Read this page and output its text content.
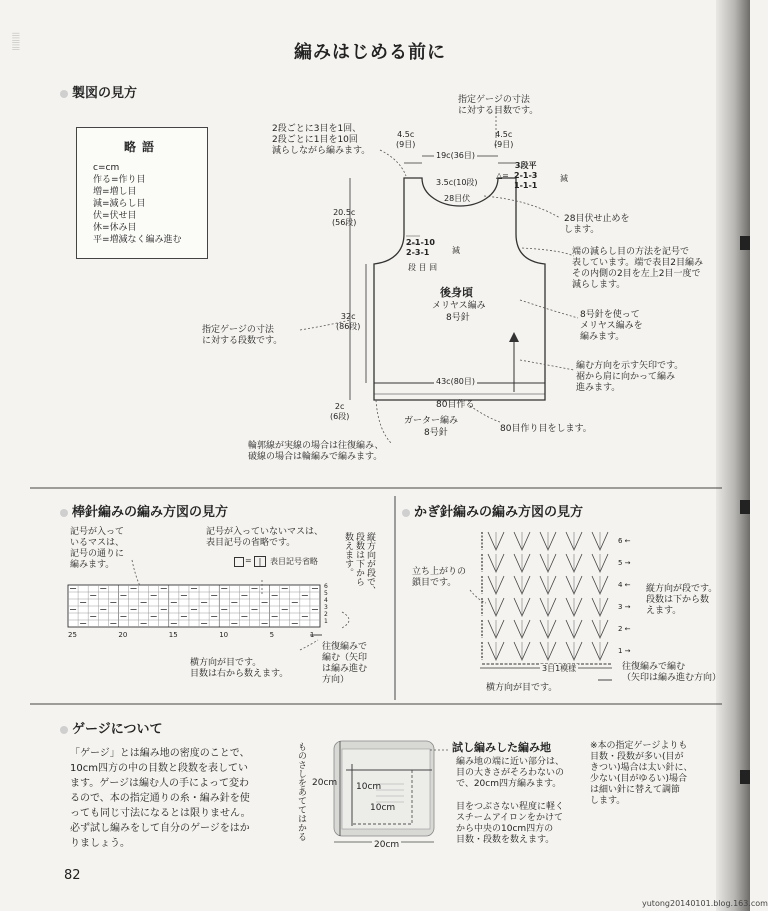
||||||||
編みはじめる前に
製図の見方
略語
c=cm
作る=作り目
増=増し目
減=減らし目
伏=伏せ目
休=休み目
平=増減なく編み進む
指定ゲージの寸法
に対する目数です。
2段ごとに3目を1回、
2段ごとに1目を10回
減らしながら編みます。
4.5c
(9目)
4.5c
(9目)
19c(36目)
△=
3段平
2-1-3
1-1-1
減
3.5c(10段)
28目伏
28目伏せ止めを
します。
20.5c
(56段)
2-1-10
2-3-1	減
段 目 回
端の減らし目の方法を記号で
表しています。端で表目2目編み
その内側の2目を左上2目一度で
減らします。
後身頃
メリヤス編み
8号針	8号針を使って
メリヤス編みを
編みます。
32c
(86段)
指定ゲージの寸法
に対する段数です。
編む方向を示す矢印です。
裾から肩に向かって編み
進みます。
43c(80目)
2c
(6段)
80目作る
ガーター編み
8号針	80目作り目をします。
輪郭線が実線の場合は往復編み、
破線の場合は輪編みで編みます。
棒針編みの編み方図の見方
記号が入って
いるマスは、
記号の通りに
編みます。
記号が入っていないマスは、
表目記号の省略です。
= |	表目記号省略	縦方向が段で、
段数は下から
数えます。
6
5
4
3
2
1
25	20	15	10	5	1
横方向が目です。
目数は右から数えます。
往復編みで
編む（矢印
は編み進む
方向）
かぎ針編みの編み方図の見方
立ち上がりの
鎖目です。
6 ←
5 →
4 ←
3 →
2 ←
1 →
縦方向が段です。
段数は下から数
えます。
3目1模様
横方向が目です。
往復編みで編む
（矢印は編み進む方向）
ゲージについて
「ゲージ」とは編み地の密度のことで、
10cm四方の中の目数と段数を表してい
ます。ゲージは編む人の手によって変わ
るので、本の指定通りの糸・編み針を使
っても同じ寸法になるとは限りません。
必ず試し編みをして自分のゲージをはか
りましょう。
ものさしをあててはかる 20cm 10cm
10cm
20cm
試し編みした編み地
編み地の端に近い部分は、
目の大きさがそろわないの
で、20cm四方編みます。
目をつぶさない程度に軽く
スチームアイロンをかけて
から中央の10cm四方の
目数・段数を数えます。
※本の指定ゲージよりも
目数・段数が多い(目が
きつい)場合は太い針に、
少ない(目がゆるい)場合
は細い針に替えて調節
します。
82
yutong20140101.blog.163.com
